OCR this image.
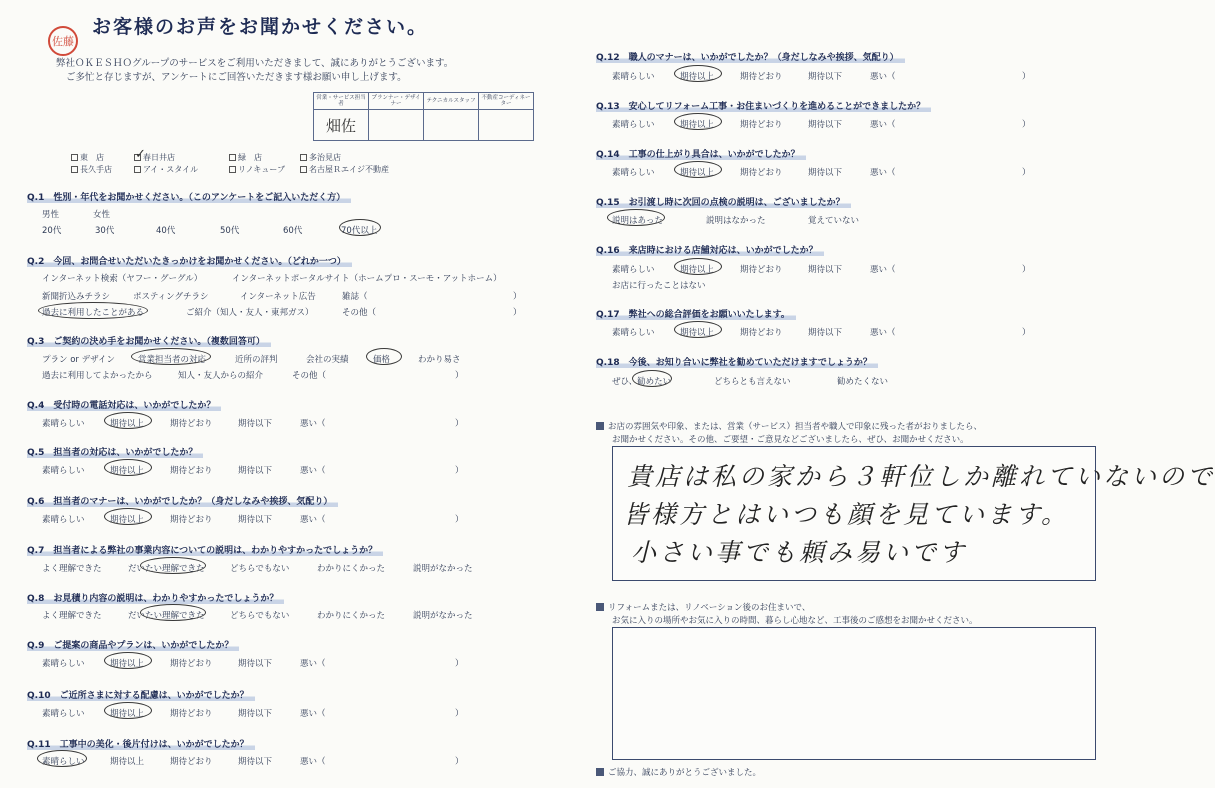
佐藤
お客様のお声をお聞かせください。
弊社ＯＫＥＳＨＯグループのサービスをご利用いただきまして、誠にありがとうございます。
ご多忙と存じますが、アンケートにご回答いただきます様お願い申し上げます。
営業・サービス担当者	プランナー・デザイナー	テクニカルスタッフ	不動産コーディネーター
畑佐			
東　店	春日井店	緑　店	多治見店
長久手店	アイ・スタイル	リノキューブ	名古屋Ｒエイジ不動産
✓
Q.1　性別・年代をお聞かせください。（このアンケートをご記入いただく方）
男性	女性
20代	30代	40代	50代	60代	70代以上
Q.2　今回、お問合せいただいたきっかけをお聞かせください。（どれか一つ）
インターネット検索（ヤフー・グーグル）	インターネットポータルサイト（ホームプロ・スーモ・アットホーム）
新聞折込みチラシ	ポスティングチラシ	インターネット広告	雑誌（	）
過去に利用したことがある	ご紹介（知人・友人・東邦ガス）	その他（	）
Q.3　ご契約の決め手をお聞かせください。（複数回答可）
プラン or デザイン	営業担当者の対応	近所の評判	会社の実績	価格	わかり易さ
過去に利用してよかったから	知人・友人からの紹介	その他（	）
Q.4　受付時の電話対応は、いかがでしたか？
素晴らしい	期待以上	期待どおり	期待以下	悪い（	）
Q.5　担当者の対応は、いかがでしたか？
素晴らしい	期待以上	期待どおり	期待以下	悪い（	）
Q.6　担当者のマナーは、いかがでしたか？（身だしなみや挨拶、気配り）
素晴らしい	期待以上	期待どおり	期待以下	悪い（	）
Q.7　担当者による弊社の事業内容についての説明は、わかりやすかったでしょうか？
よく理解できた	だいたい理解できた	どちらでもない	わかりにくかった	説明がなかった
Q.8　お見積り内容の説明は、わかりやすかったでしょうか？
よく理解できた	だいたい理解できた	どちらでもない	わかりにくかった	説明がなかった
Q.9　ご提案の商品やプランは、いかがでしたか？
素晴らしい	期待以上	期待どおり	期待以下	悪い（	）
Q.10　ご近所さまに対する配慮は、いかがでしたか？
素晴らしい	期待以上	期待どおり	期待以下	悪い（	）
Q.11　工事中の美化・後片付けは、いかがでしたか？
素晴らしい	期待以上	期待どおり	期待以下	悪い（	）
Q.12　職人のマナーは、いかがでしたか？（身だしなみや挨拶、気配り）
素晴らしい	期待以上	期待どおり	期待以下	悪い（	）
Q.13　安心してリフォーム工事・お住まいづくりを進めることができましたか？
素晴らしい	期待以上	期待どおり	期待以下	悪い（	）
Q.14　工事の仕上がり具合は、いかがでしたか？
素晴らしい	期待以上	期待どおり	期待以下	悪い（	）
Q.15　お引渡し時に次回の点検の説明は、ございましたか？
説明はあった	説明はなかった	覚えていない
Q.16　来店時における店舗対応は、いかがでしたか？
素晴らしい	期待以上	期待どおり	期待以下	悪い（	）
お店に行ったことはない
Q.17　弊社への総合評価をお願いいたします。
素晴らしい	期待以上	期待どおり	期待以下	悪い（	）
Q.18　今後、お知り合いに弊社を勧めていただけますでしょうか？
ぜひ、勧めたい	どちらとも言えない	勧めたくない
お店の雰囲気や印象、または、営業（サービス）担当者や職人で印象に残った者がおりましたら、
お聞かせください。その他、ご要望・ご意見などございましたら、ぜひ、お聞かせください。
貴店は私の家から３軒位しか離れていないので
皆様方とはいつも顔を見ています。
小さい事でも頼み易いです
リフォームまたは、リノベーション後のお住まいで、
お気に入りの場所やお気に入りの時間、暮らし心地など、工事後のご感想をお聞かせください。
ご協力、誠にありがとうございました。
